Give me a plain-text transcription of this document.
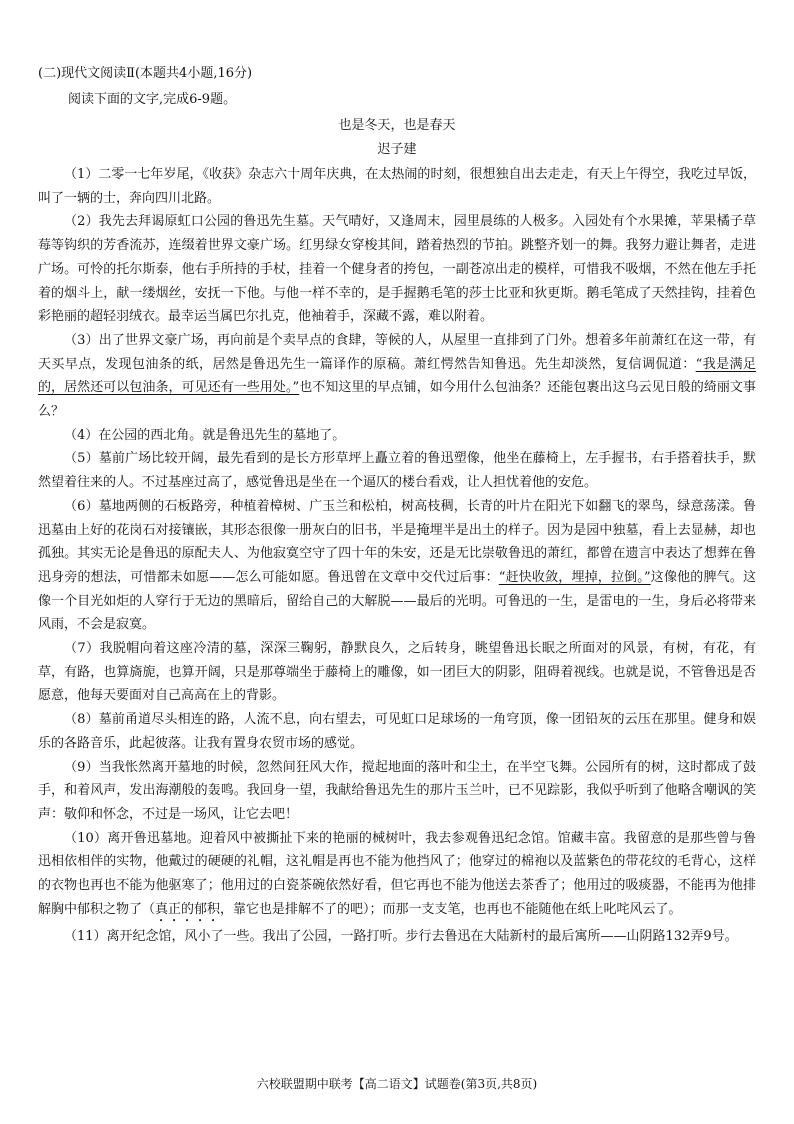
(二)现代文阅读Ⅱ(本题共4小题,16分)
阅读下面的文字,完成6-9题。
也是冬天，也是春天
迟子建

（1）二零一七年岁尾，《收获》杂志六十周年庆典，在太热闹的时刻，很想独自出去走走，有天上午得空，我吃过早饭，叫了一辆的士，奔向四川北路。

（2）我先去拜谒原虹口公园的鲁迅先生墓。天气晴好，又逢周末，园里晨练的人极多。入园处有个水果摊，苹果橘子草莓等钩织的芳香流苏，连缀着世界文豪广场。红男绿女穿梭其间，踏着热烈的节拍。跳整齐划一的舞。我努力避让舞者，走进广场。可怜的托尔斯泰，他右手所持的手杖，挂着一个健身者的挎包，一副苍凉出走的模样，可惜我不吸烟，不然在他左手托着的烟斗上，献一缕烟丝，安抚一下他。与他一样不幸的，是手握鹅毛笔的莎士比亚和狄更斯。鹅毛笔成了天然挂钩，挂着色彩艳丽的超轻羽绒衣。最幸运当属巴尔扎克，他袖着手，深藏不露，难以附着。

（3）出了世界文豪广场，再向前是个卖早点的食肆，等候的人，从屋里一直排到了门外。想着多年前萧红在这一带，有天买早点，发现包油条的纸，居然是鲁迅先生一篇译作的原稿。萧红愕然告知鲁迅。先生却淡然，复信调侃道：“我是满足的，居然还可以包油条，可见还有一些用处。”也不知这里的早点铺，如今用什么包油条？还能包裹出这乌云见日般的绮丽文事么？

（4）在公园的西北角。就是鲁迅先生的墓地了。

（5）墓前广场比较开阔，最先看到的是长方形草坪上矗立着的鲁迅塑像，他坐在藤椅上，左手握书，右手搭着扶手，默然望着往来的人。不过基座过高了，感觉鲁迅是坐在一个逼仄的楼台看戏，让人担忧着他的安危。

（6）墓地两侧的石板路旁，种植着樟树、广玉兰和松柏，树高枝稠，长青的叶片在阳光下如翻飞的翠鸟，绿意荡漾。鲁迅墓由上好的花岗石对接镶嵌，其形态很像一册灰白的旧书，半是掩埋半是出土的样子。因为是园中独墓，看上去显赫，却也孤独。其实无论是鲁迅的原配夫人、为他寂寞空守了四十年的朱安，还是无比崇敬鲁迅的萧红，都曾在遗言中表达了想葬在鲁迅身旁的想法，可惜都未如愿——怎么可能如愿。鲁迅曾在文章中交代过后事：“赶快收敛，埋掉，拉倒。”这像他的脾气。这像一个目光如炬的人穿行于无边的黑暗后，留给自己的大解脱——最后的光明。可鲁迅的一生，是雷电的一生，身后必将带来风雨，不会是寂寞。

（7）我脱帽向着这座冷清的墓，深深三鞠躬，静默良久，之后转身，眺望鲁迅长眠之所面对的风景，有树，有花，有草，有路，也算旖旎，也算开阔，只是那尊端坐于藤椅上的雕像，如一团巨大的阴影，阻碍着视线。也就是说，不管鲁迅是否愿意，他每天要面对自己高高在上的背影。

（8）墓前甬道尽头相连的路，人流不息，向右望去，可见虹口足球场的一角穹顶，像一团铅灰的云压在那里。健身和娱乐的各路音乐，此起彼落。让我有置身农贸市场的感觉。

（9）当我怅然离开墓地的时候，忽然间狂风大作，搅起地面的落叶和尘土，在半空飞舞。公园所有的树，这时都成了鼓手，和着风声，发出海潮般的轰鸣。我回身一望，我献给鲁迅先生的那片玉兰叶，已不见踪影，我似乎听到了他略含嘲讽的笑声：敬仰和怀念，不过是一场风，让它去吧！

（10）离开鲁迅墓地。迎着风中被撕扯下来的艳丽的械树叶，我去参观鲁迅纪念馆。馆藏丰富。我留意的是那些曾与鲁迅相依相伴的实物，他戴过的硬硬的礼帽，这礼帽是再也不能为他挡风了；他穿过的棉袍以及蓝紫色的带花纹的毛背心，这样的衣物也再也不能为他驱寒了；他用过的白瓷茶碗依然好看，但它再也不能为他送去茶香了；他用过的吸痰器，不能再为他排解胸中郁积之物了（真正的郁积，靠它也是排解不了的吧）；而那一支支笔，也再也不能随他在纸上叱咤风云了。

（11）离开纪念馆，风小了一些。我出了公园，一路打听。步行去鲁迅在大陆新村的最后寓所——山阴路132弄9号。

六校联盟期中联考【高二语文】试题卷(第3页,共8页)
